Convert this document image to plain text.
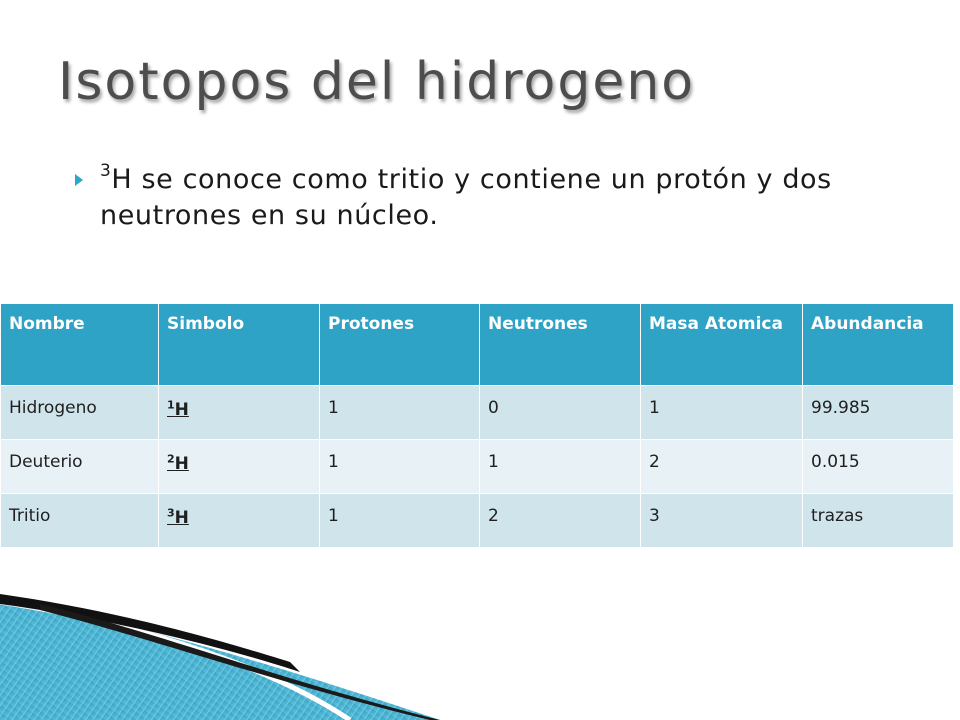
Isotopos del hidrogeno
$^3$H se conoce como tritio y contiene un protón y dos neutrones en su núcleo.
Nombre	Simbolo	Protones	Neutrones	Masa Atomica	Abundancia
Hidrogeno	$^1$H	1	0	1	99.985
Deuterio	$^2$H	1	1	2	0.015
Tritio	$^3$H	1	2	3	trazas
